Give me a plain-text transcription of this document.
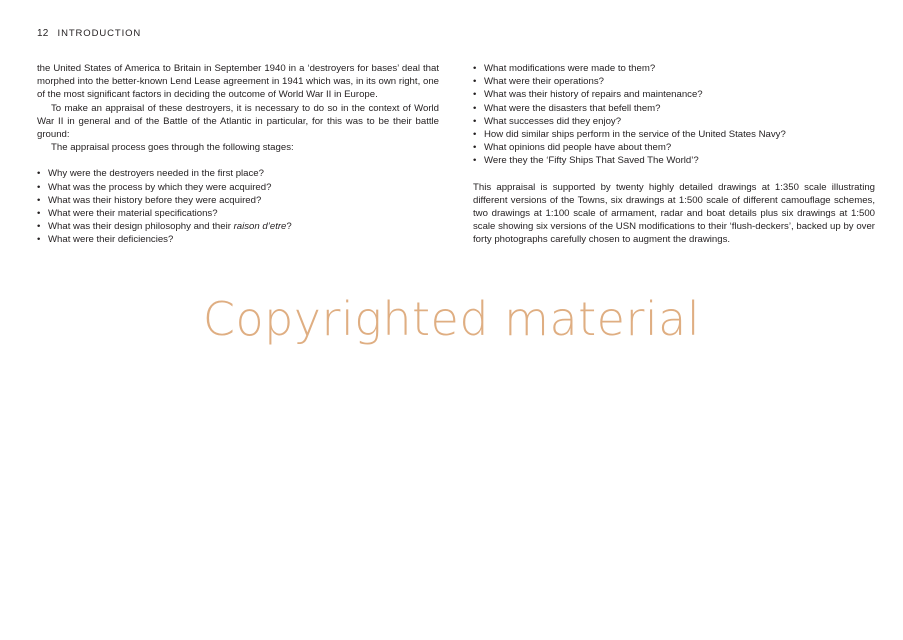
12 INTRODUCTION

the United States of America to Britain in September 1940 in a ‘destroyers for bases’ deal that morphed into the better-known Lend Lease agreement in 1941 which was, in its own right, one of the most significant factors in deciding the outcome of World War II in Europe.

To make an appraisal of these destroyers, it is necessary to do so in the context of World War II in general and of the Battle of the Atlantic in particular, for this was to be their battle ground:

The appraisal process goes through the following stages:

• Why were the destroyers needed in the first place?
• What was the process by which they were acquired?
• What was their history before they were acquired?
• What were their material specifications?
• What was their design philosophy and their raison d’etre?
• What were their deficiencies?
• What modifications were made to them?
• What were their operations?
• What was their history of repairs and maintenance?
• What were the disasters that befell them?
• What successes did they enjoy?
• How did similar ships perform in the service of the United States Navy?
• What opinions did people have about them?
• Were they the ‘Fifty Ships That Saved The World’?

This appraisal is supported by twenty highly detailed drawings at 1:350 scale illustrating different versions of the Towns, six drawings at 1:500 scale of different camouflage schemes, two drawings at 1:100 scale of armament, radar and boat details plus six drawings at 1:500 scale showing six versions of the USN modifications to their ‘flush-deckers’, backed up by over forty photographs carefully chosen to augment the drawings.

Copyrighted material
